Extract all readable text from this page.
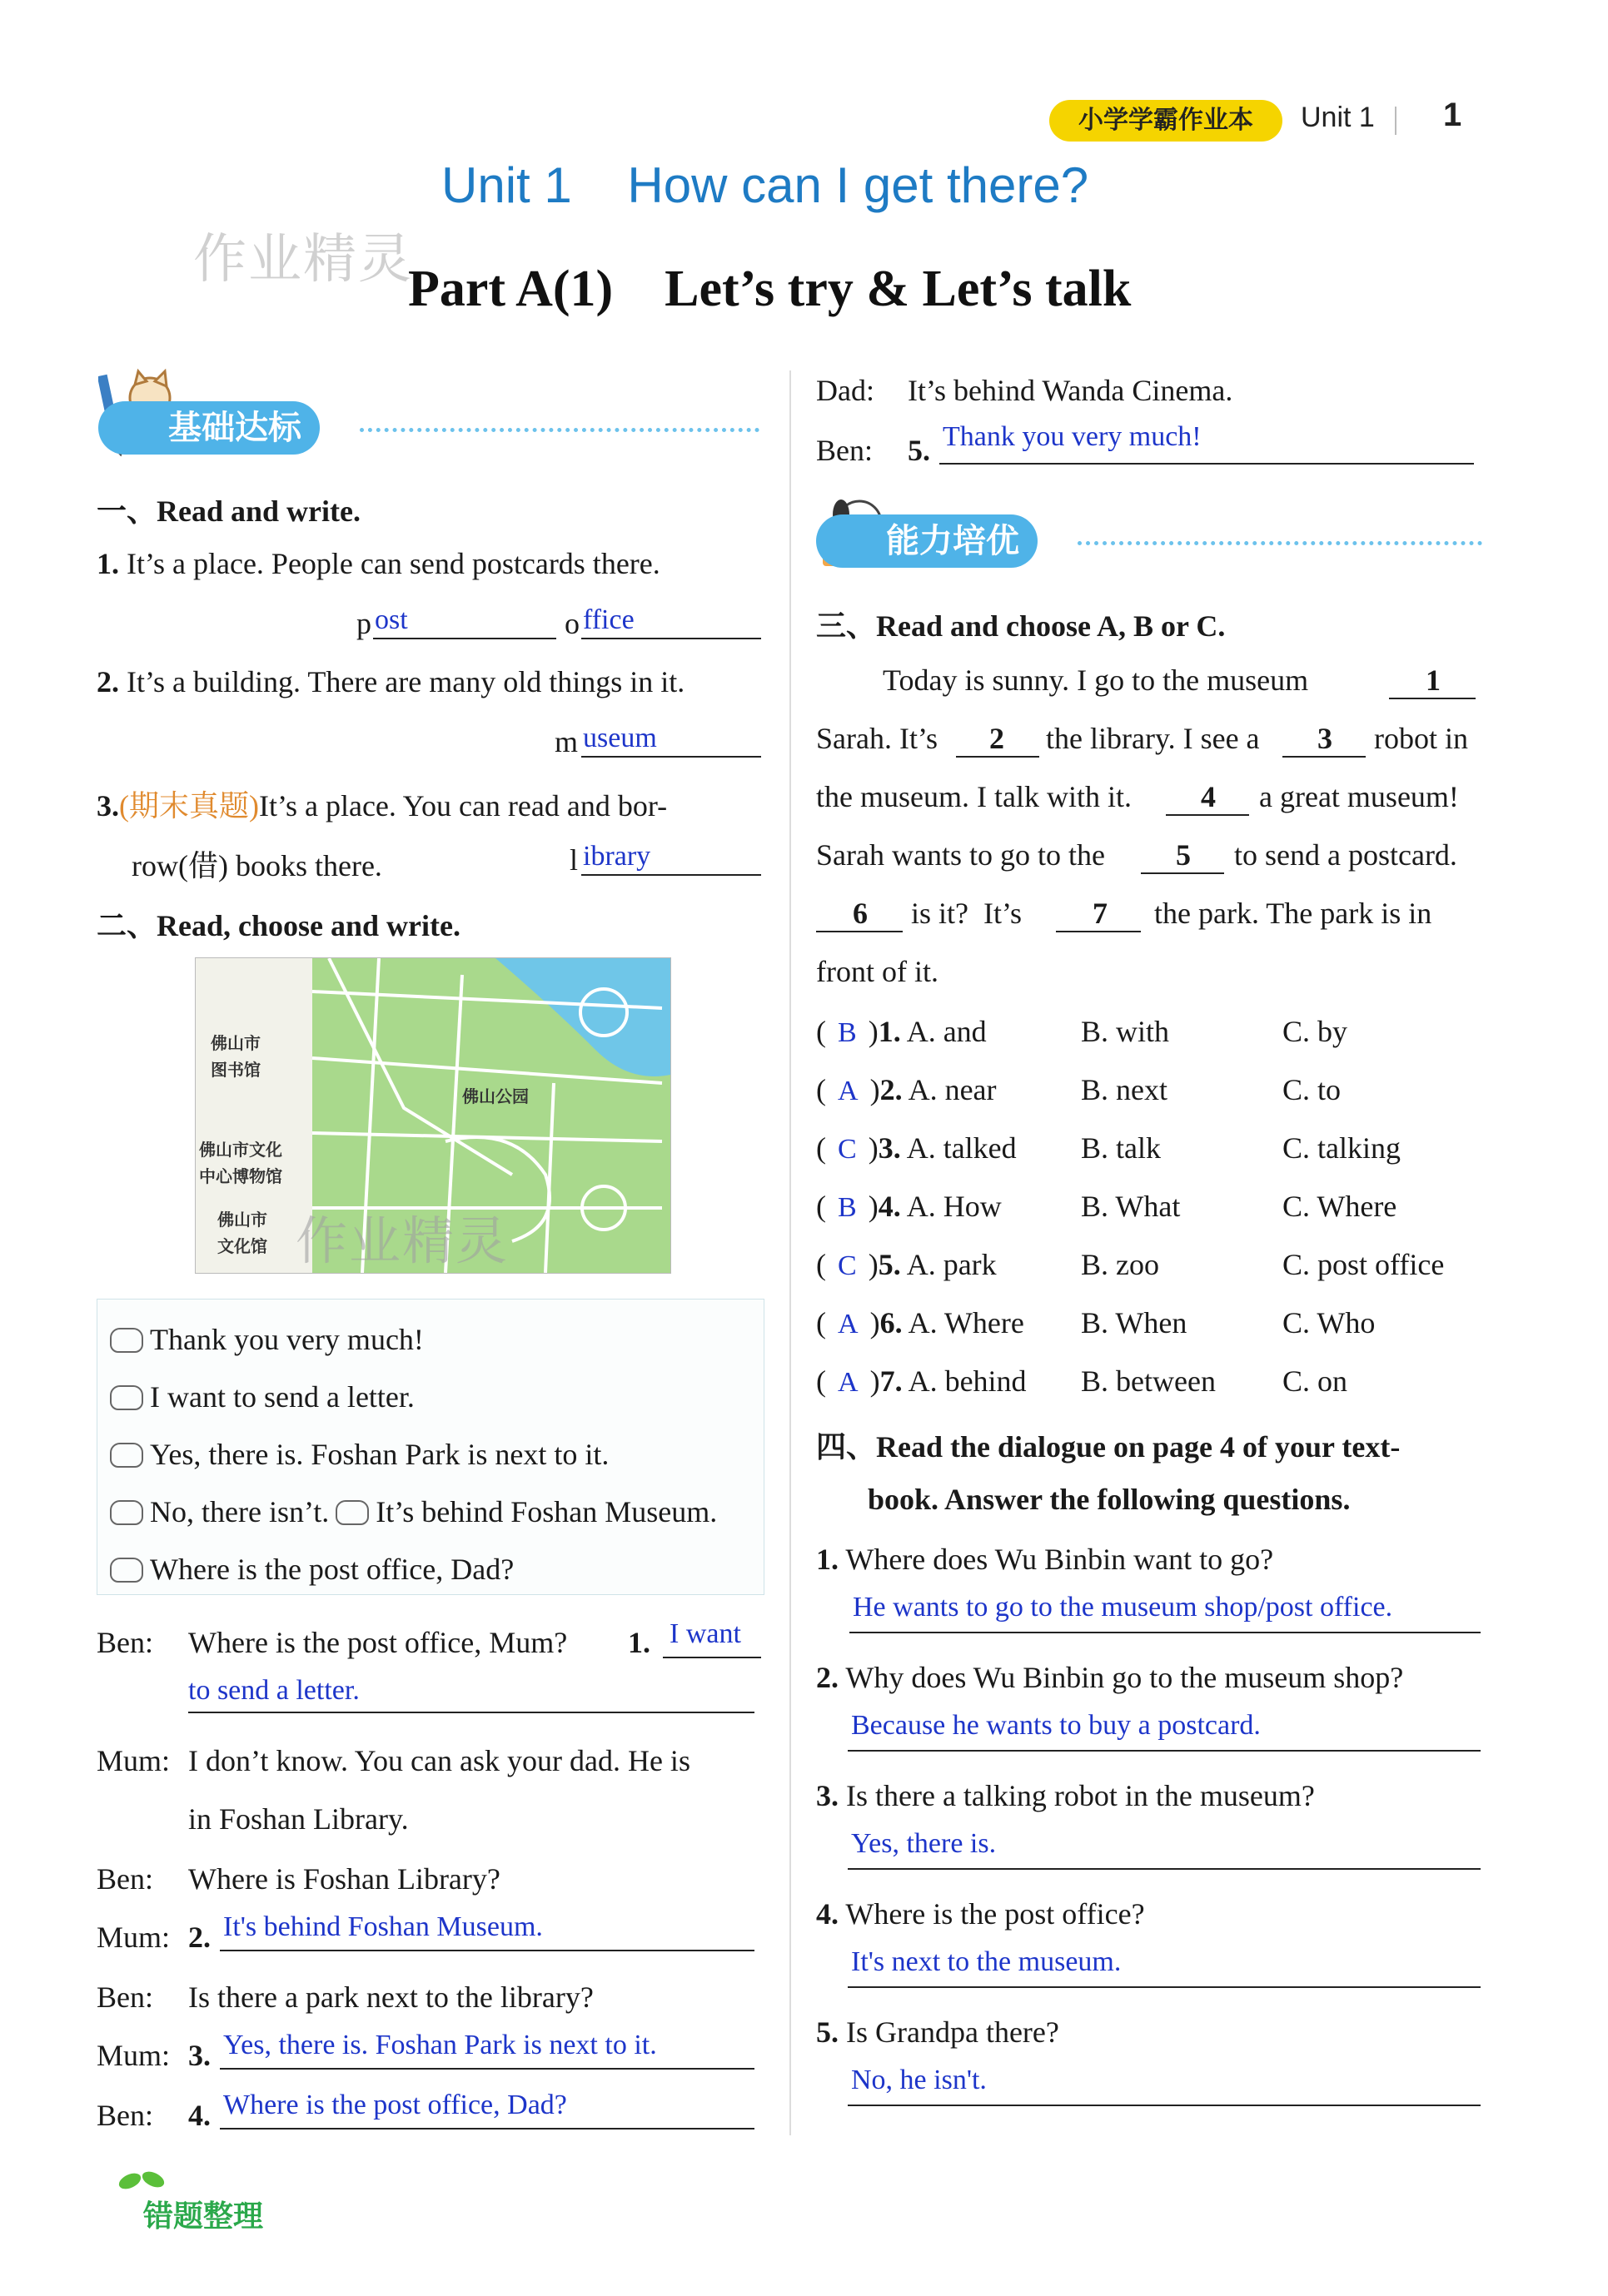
小学学霸作业本	Unit 1 1
Unit 1    How can I get there?
作业精灵
Part A(1)    Let’s try & Let’s talk
基础达标
一、Read and write.
1. It’s a place. People can send postcards there.
p ost	o ffice
2. It’s a building. There are many old things in it.
m useum
3.(期末真题)It’s a place. You can read and bor-
row(借) books there.	l ibrary
二、Read, choose and write.
佛山市
图书馆
佛山公园
佛山市文化
中心博物馆
佛山市
文化馆 作业精灵
Thank you very much!
I want to send a letter.
Yes, there is. Foshan Park is next to it.
No, there isn’t. It’s behind Foshan Museum.
Where is the post office, Dad?
Ben: Where is the post office, Mum? 1. I want
to send a letter.
Mum: I don’t know. You can ask your dad. He is
in Foshan Library.
Ben: Where is Foshan Library?
Mum: 2. It's behind Foshan Museum.
Ben: Is there a park next to the library?
Mum: 3. Yes, there is. Foshan Park is next to it.
Ben: 4. Where is the post office, Dad?
错题整理
Dad: It’s behind Wanda Cinema.
Ben: 5. Thank you very much!
能力培优
三、Read and choose A, B or C.
Today is sunny. I go to the museum	1
Sarah. It’s 2 the library. I see a 3 robot in
the museum. I talk with it. 4 a great museum!
Sarah wants to go to the 5 to send a postcard.
6 is it?  It’s 7 the park. The park is in
front of it.
( B )1. A. and	B. with	C. by
( A )2. A. near	B. next	C. to
( C )3. A. talked B. talk	C. talking
( B )4. A. How	B. What	C. Where
( C )5. A. park	B. zoo	C. post office
( A )6. A. Where B. When	C. Who
( A )7. A. behind B. between C. on
四、Read the dialogue on page 4 of your text-
book. Answer the following questions.
1. Where does Wu Binbin want to go?
He wants to go to the museum shop/post office.
2. Why does Wu Binbin go to the museum shop?
Because he wants to buy a postcard.
3. Is there a talking robot in the museum?
Yes, there is.
4. Where is the post office?
It's next to the museum.
5. Is Grandpa there?
No, he isn't.
